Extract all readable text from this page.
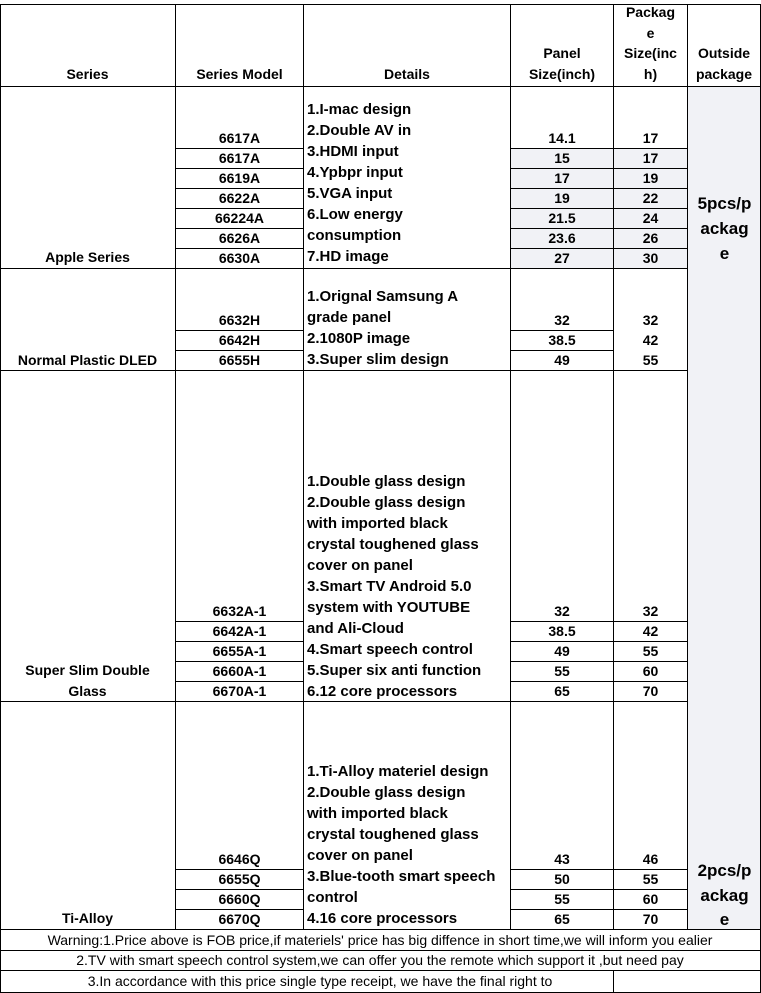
Series	Series Model	Details
Panel
Size(inch)
Packag
e
Size(inc
h)
Outside
package
Apple Series
6617A
6617A
6619A
6622A
66224A
6626A
6630A
14.1
15
17
19
21.5
23.6
27
17
17
19
22
24
26
30
1.I-mac design
2.Double AV in
3.HDMI input
4.Ypbpr input
5.VGA input
6.Low energy
consumption
7.HD image
Normal Plastic DLED
6632H
6642H
6655H
32
38.5
49
32
42
55
1.Orignal Samsung A
grade panel
2.1080P image
3.Super slim design
Super Slim Double
Glass
6632A-1
6642A-1
6655A-1
6660A-1
6670A-1
32
38.5
49
55
65
32
42
55
60
70
1.Double glass design
2.Double glass design
with imported black
crystal toughened glass
cover on panel
3.Smart TV Android 5.0
system with YOUTUBE
and Ali-Cloud
4.Smart speech control
5.Super six anti function
6.12 core processors
Ti-Alloy
6646Q
6655Q
6660Q
6670Q
43
50
55
65
46
55
60
70
1.Ti-Alloy materiel design
2.Double glass design
with imported black
crystal toughened glass
cover on panel
3.Blue-tooth smart speech
control
4.16 core processors
5pcs/p
ackag
e
2pcs/p
ackag
e
Warning:1.Price above is FOB price,if materiels' price has big diffence in short time,we will inform you ealier
2.TV with smart speech control system,we can offer you the remote which support it ,but need pay
3.In accordance with this price single type receipt, we have the final right to
